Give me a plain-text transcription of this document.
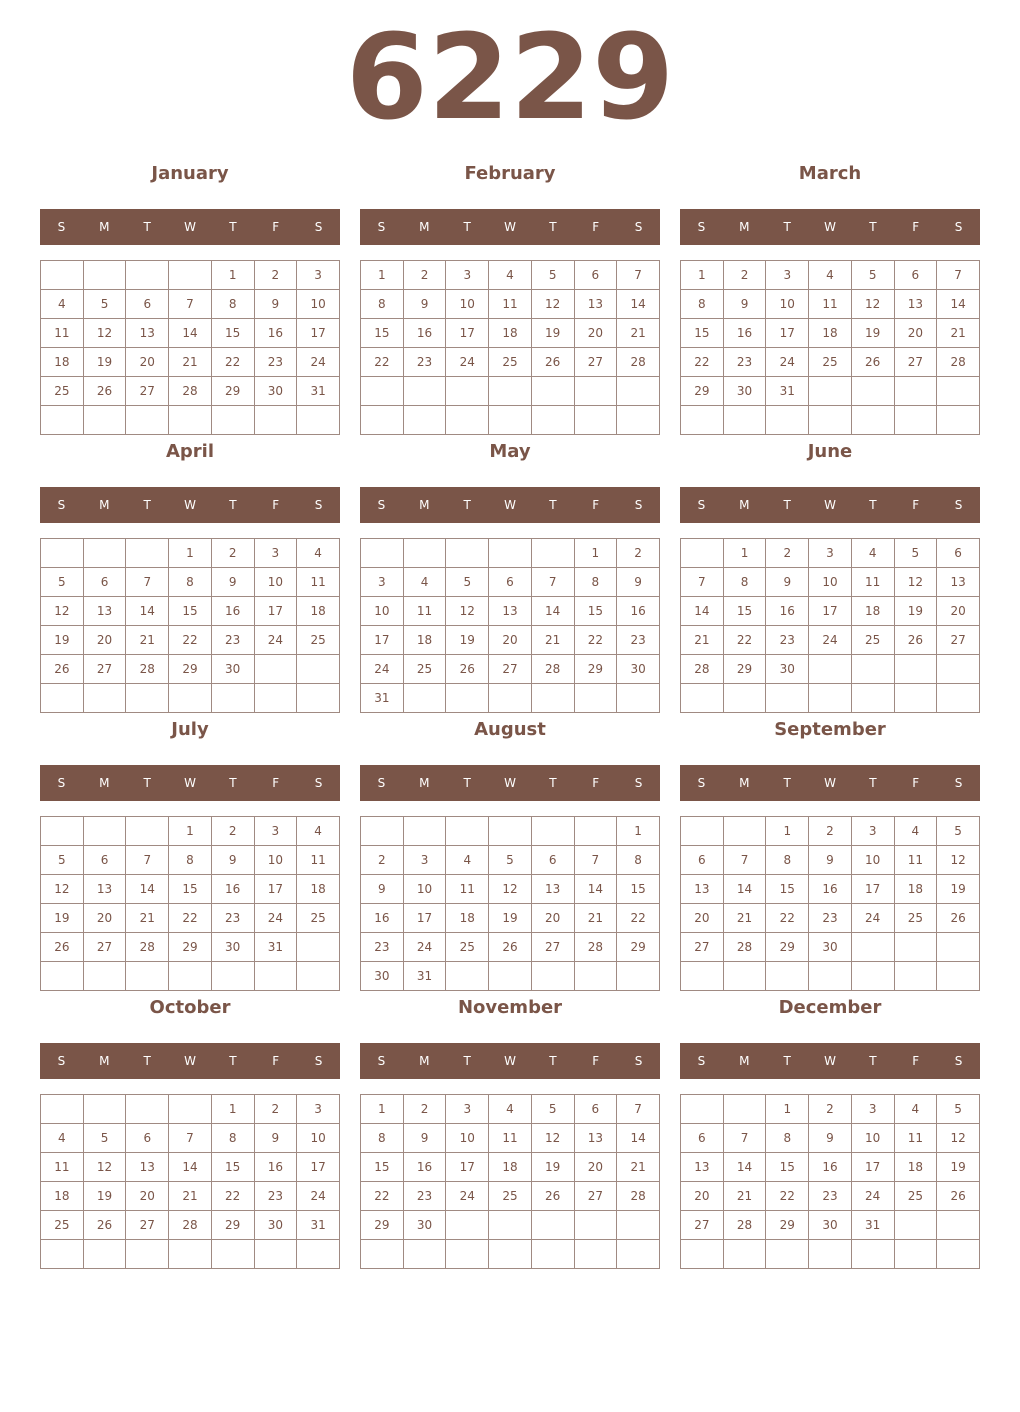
6229
January
S	M	T	W	T	F	S
				1	2	3
4	5	6	7	8	9	10
11	12	13	14	15	16	17
18	19	20	21	22	23	24
25	26	27	28	29	30	31

February
S	M	T	W	T	F	S
1	2	3	4	5	6	7
8	9	10	11	12	13	14
15	16	17	18	19	20	21
22	23	24	25	26	27	28

March
S	M	T	W	T	F	S
1	2	3	4	5	6	7
8	9	10	11	12	13	14
15	16	17	18	19	20	21
22	23	24	25	26	27	28
29	30	31				

April
S	M	T	W	T	F	S
			1	2	3	4
5	6	7	8	9	10	11
12	13	14	15	16	17	18
19	20	21	22	23	24	25
26	27	28	29	30		

May
S	M	T	W	T	F	S
					1	2
3	4	5	6	7	8	9
10	11	12	13	14	15	16
17	18	19	20	21	22	23
24	25	26	27	28	29	30
31						
June
S	M	T	W	T	F	S
	1	2	3	4	5	6
7	8	9	10	11	12	13
14	15	16	17	18	19	20
21	22	23	24	25	26	27
28	29	30				

July
S	M	T	W	T	F	S
			1	2	3	4
5	6	7	8	9	10	11
12	13	14	15	16	17	18
19	20	21	22	23	24	25
26	27	28	29	30	31	

August
S	M	T	W	T	F	S
						1
2	3	4	5	6	7	8
9	10	11	12	13	14	15
16	17	18	19	20	21	22
23	24	25	26	27	28	29
30	31					
September
S	M	T	W	T	F	S
		1	2	3	4	5
6	7	8	9	10	11	12
13	14	15	16	17	18	19
20	21	22	23	24	25	26
27	28	29	30			

October
S	M	T	W	T	F	S
				1	2	3
4	5	6	7	8	9	10
11	12	13	14	15	16	17
18	19	20	21	22	23	24
25	26	27	28	29	30	31

November
S	M	T	W	T	F	S
1	2	3	4	5	6	7
8	9	10	11	12	13	14
15	16	17	18	19	20	21
22	23	24	25	26	27	28
29	30					

December
S	M	T	W	T	F	S
		1	2	3	4	5
6	7	8	9	10	11	12
13	14	15	16	17	18	19
20	21	22	23	24	25	26
27	28	29	30	31		
